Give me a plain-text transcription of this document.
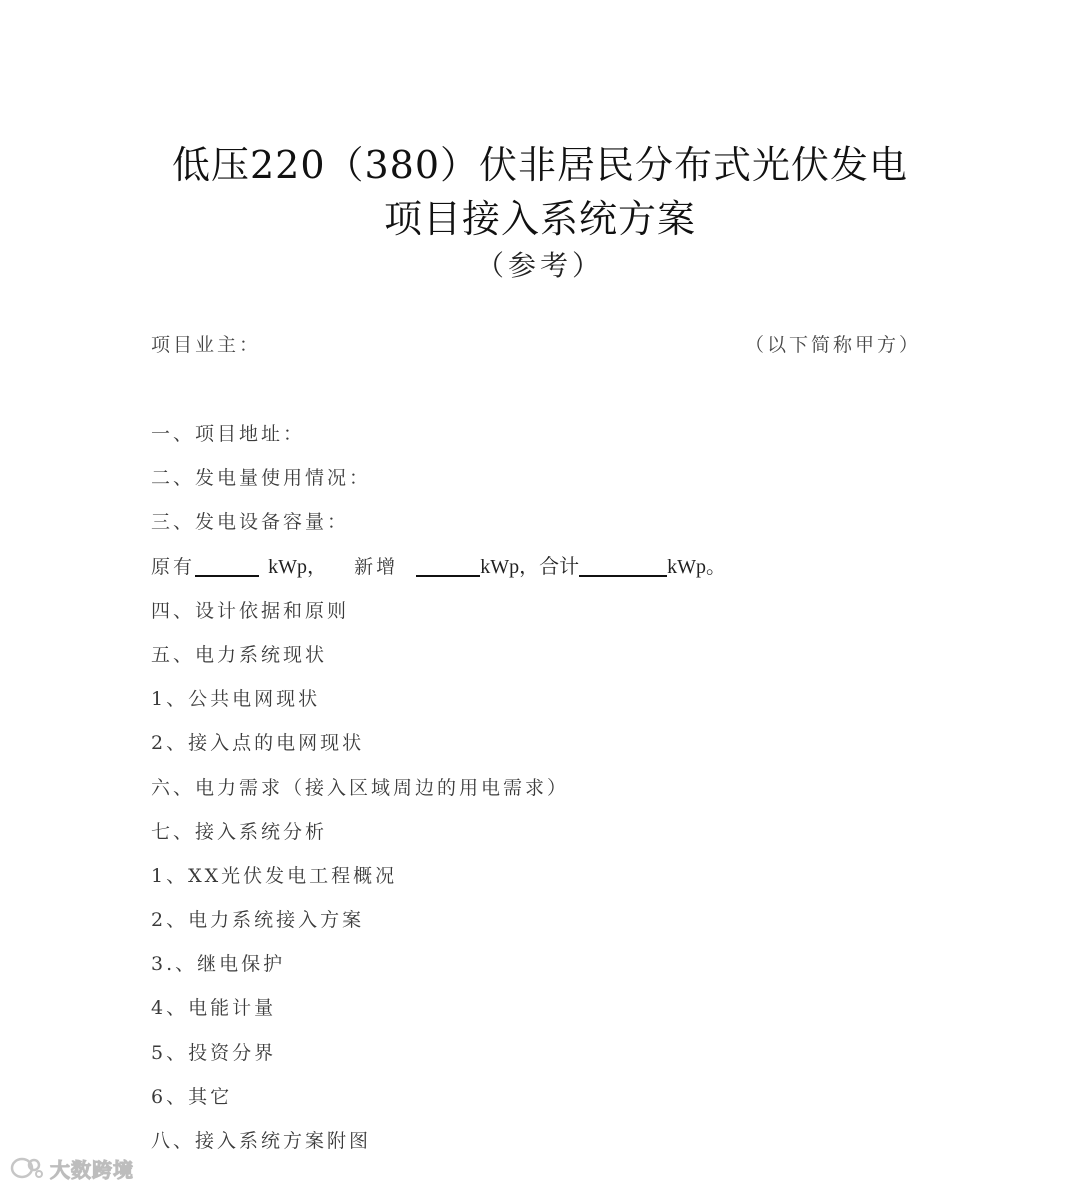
低压220（380）伏非居民分布式光伏发电
项目接入系统方案
（参考）
项目业主：	（以下简称甲方）
一、项目地址：
二、发电量使用情况：
三、发电设备容量：
原有	kWp， 新增	kWp，合计	kWp。
四、设计依据和原则
五、电力系统现状
1、公共电网现状
2、接入点的电网现状
六、电力需求（接入区域周边的用电需求）
七、接入系统分析
1、XX光伏发电工程概况
2、电力系统接入方案
3.、继电保护
4、电能计量
5、投资分界
6、其它
八、接入系统方案附图
大数跨境
